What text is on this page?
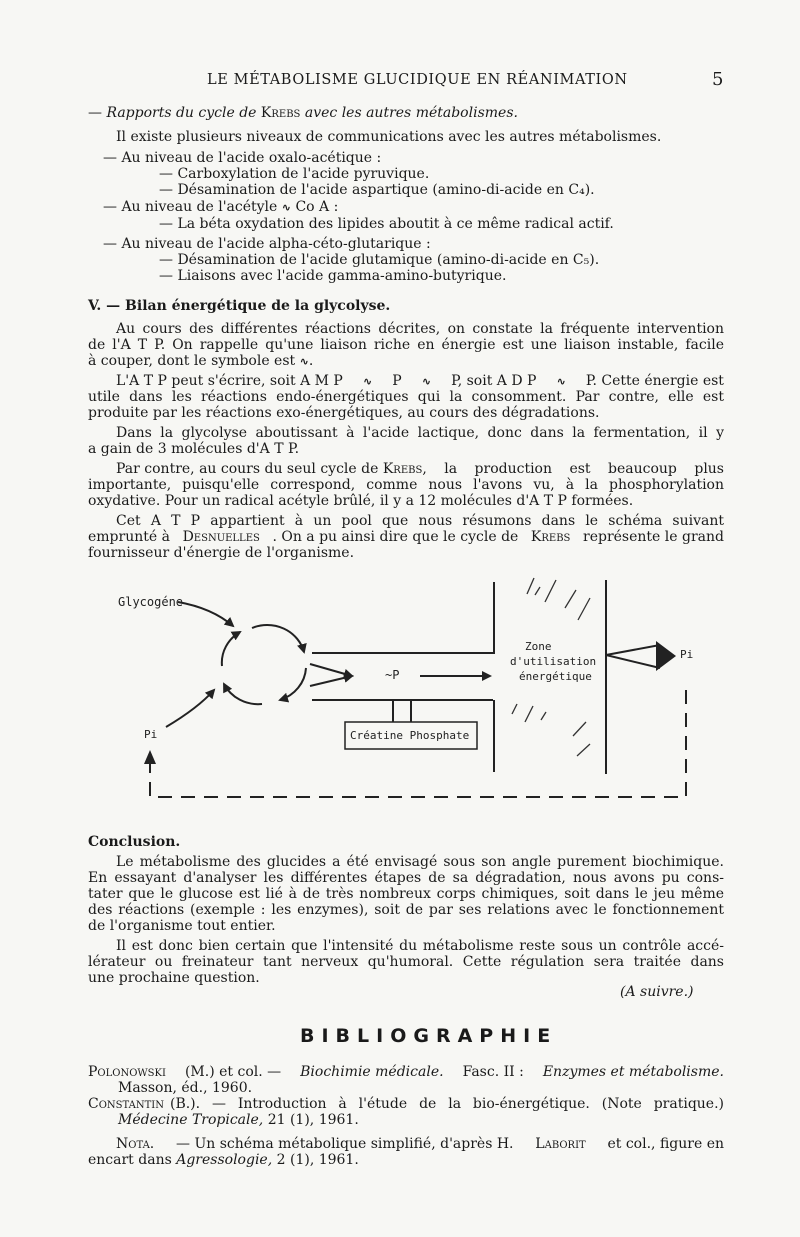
LE MÉTABOLISME GLUCIDIQUE EN RÉANIMATION	5
— Rapports du cycle de Krebs avec les autres métabolismes.
Il existe plusieurs niveaux de communications avec les autres métabolismes.
— Au niveau de l'acide oxalo-acétique :
— Carboxylation de l'acide pyruvique.
— Désamination de l'acide aspartique (amino-di-acide en C₄).
— Au niveau de l'acétyle ∿ Co A :
— La béta oxydation des lipides aboutit à ce même radical actif.
— Au niveau de l'acide alpha-céto-glutarique :
— Désamination de l'acide glutamique (amino-di-acide en C₅).
— Liaisons avec l'acide gamma-amino-butyrique.
V. — Bilan énergétique de la glycolyse.
Au cours des différentes réactions décrites, on constate la fréquente intervention
de l'A T P. On rappelle qu'une liaison riche en énergie est une liaison instable, facile
à couper, dont le symbole est ∿.
L'A T P peut s'écrire, soit A M P ∿ P ∿ P, soit A D P ∿ P. Cette énergie est
utile dans les réactions endo-énergétiques qui la consomment. Par contre, elle est
produite par les réactions exo-énergétiques, au cours des dégradations.
Dans la glycolyse aboutissant à l'acide lactique, donc dans la fermentation, il y
a gain de 3 molécules d'A T P.
Par contre, au cours du seul cycle de
Krebs , la production est beaucoup plus
importante, puisqu'elle correspond, comme nous l'avons vu, à la phosphorylation
oxydative. Pour un radical acétyle brûlé, il y a 12 molécules d'A T P formées.
Cet A T P appartient à un pool que nous résumons dans le schéma suivant
emprunté à Desnuelles . On a pu ainsi dire que le cycle de Krebs représente le grand
fournisseur d'énergie de l'organisme.
Glycogéne
Pi
Pi
~P
Créatine Phosphate
Zone
d'utilisation
énergétique
Conclusion.
Le métabolisme des glucides a été envisagé sous son angle purement biochimique.
En essayant d'analyser les différentes étapes de sa dégradation, nous avons pu cons-
tater que le glucose est lié à de très nombreux corps chimiques, soit dans le jeu même
des réactions (exemple : les enzymes), soit de par ses relations avec le fonctionnement
de l'organisme tout entier.
Il est donc bien certain que l'intensité du métabolisme reste sous un contrôle accé-
lérateur ou freinateur tant nerveux qu'humoral. Cette régulation sera traitée dans
une prochaine question.
(A suivre.)
BIBLIOGRAPHIE
Polonowski (M.) et col. — Biochimie médicale. Fasc. II : Enzymes et métabolisme.
Masson, éd., 1960.
Constantin (B.). — Introduction à l'étude de la bio-énergétique. (Note pratique.)
Médecine Tropicale, 21 (1), 1961.
Nota. — Un schéma métabolique simplifié, d'après H. Laborit et col., figure en
encart dans Agressologie, 2 (1), 1961.
